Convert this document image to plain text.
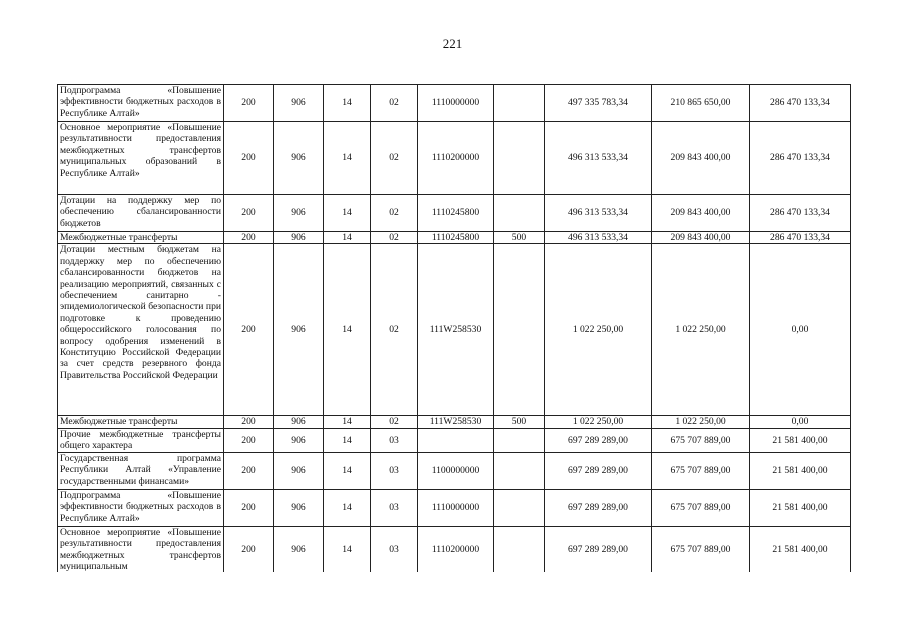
221
Подпрограмма «Повышение эффективности бюджетных расходов в Республике Алтай»	200	906	14	02	1110000000		497 335 783,34	210 865 650,00	286 470 133,34
Основное мероприятие «Повышение результативности предоставления межбюджетных трансфертов муниципальных образований в Республике Алтай»	200	906	14	02	1110200000		496 313 533,34	209 843 400,00	286 470 133,34
Дотации на поддержку мер по обеспечению сбалансированности бюджетов	200	906	14	02	1110245800		496 313 533,34	209 843 400,00	286 470 133,34
Межбюджетные трансферты	200	906	14	02	1110245800	500	496 313 533,34	209 843 400,00	286 470 133,34
Дотации местным бюджетам на поддержку мер по обеспечению сбалансированности бюджетов на реализацию мероприятий, связанных с обеспечением санитарно - эпидемиологической безопасности при подготовке к проведению общероссийского голосования по вопросу одобрения изменений в Конституцию Российской Федерации за счет средств резервного фонда Правительства Российской Федерации	200	906	14	02	111W258530		1 022 250,00	1 022 250,00	0,00
Межбюджетные трансферты	200	906	14	02	111W258530	500	1 022 250,00	1 022 250,00	0,00
Прочие межбюджетные трансферты общего характера	200	906	14	03			697 289 289,00	675 707 889,00	21 581 400,00
Государственная программа Республики Алтай «Управление государственными финансами»	200	906	14	03	1100000000		697 289 289,00	675 707 889,00	21 581 400,00
Подпрограмма «Повышение эффективности бюджетных расходов в Республике Алтай»	200	906	14	03	1110000000		697 289 289,00	675 707 889,00	21 581 400,00
Основное мероприятие «Повышение результативности предоставления межбюджетных трансфертов муниципальным	200	906	14	03	1110200000		697 289 289,00	675 707 889,00	21 581 400,00
